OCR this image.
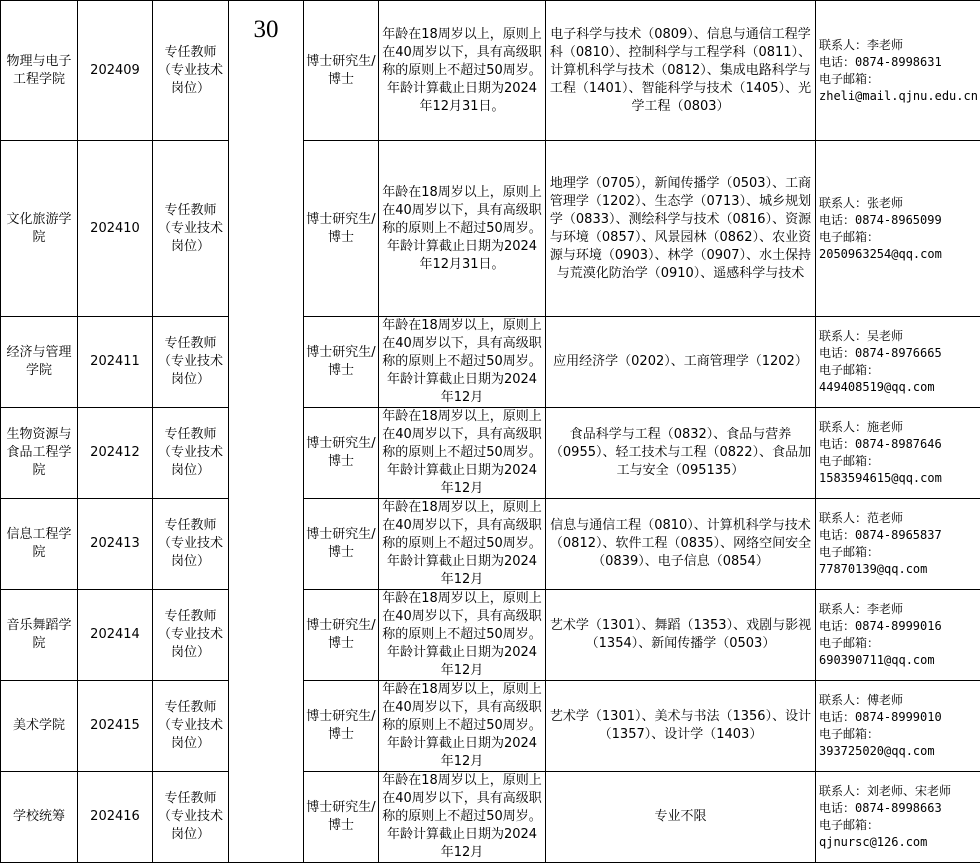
物理与电子工程学院	202409	专任教师（专业技术岗位）	30	博士研究生/博士	年龄在18周岁以上，原则上在40周岁以下，具有高级职称的原则上不超过50周岁。年龄计算截止日期为2024年12月31日。	电子科学与技术（0809）、信息与通信工程学科（0810）、控制科学与工程学科（0811）、计算机科学与技术（0812）、集成电路科学与工程（1401）、智能科学与技术（1405）、光学工程（0803）	联系人：李老师
电话：0874-8998631
电子邮箱：
zheli@mail.qjnu.edu.cn

文化旅游学院	202410	专任教师（专业技术岗位）		博士研究生/博士	年龄在18周岁以上，原则上在40周岁以下，具有高级职称的原则上不超过50周岁。年龄计算截止日期为2024年12月31日。	地理学（0705），新闻传播学（0503）、工商管理学（1202）、生态学（0713）、城乡规划学（0833）、测绘科学与技术（0816）、资源与环境（0857）、风景园林（0862）、农业资源与环境（0903）、林学（0907）、水土保持与荒漠化防治学（0910）、遥感科学与技术	联系人：张老师
电话：0874-8965099
电子邮箱：
2050963254@qq.com

经济与管理学院	202411	专任教师（专业技术岗位）		博士研究生/博士	年龄在18周岁以上，原则上在40周岁以下，具有高级职称的原则上不超过50周岁。年龄计算截止日期为2024年12月	应用经济学（0202）、工商管理学（1202）	联系人：吴老师
电话：0874-8976665
电子邮箱：
449408519@qq.com

生物资源与食品工程学院	202412	专任教师（专业技术岗位）		博士研究生/博士	年龄在18周岁以上，原则上在40周岁以下，具有高级职称的原则上不超过50周岁。年龄计算截止日期为2024年12月	食品科学与工程（0832）、食品与营养（0955）、轻工技术与工程（0822）、食品加工与安全（095135）	联系人：施老师
电话：0874-8987646
电子邮箱：
1583594615@qq.com

信息工程学院	202413	专任教师（专业技术岗位）		博士研究生/博士	年龄在18周岁以上，原则上在40周岁以下，具有高级职称的原则上不超过50周岁。年龄计算截止日期为2024年12月	信息与通信工程（0810）、计算机科学与技术（0812）、软件工程（0835）、网络空间安全（0839）、电子信息（0854）	联系人：范老师
电话：0874-8965837
电子邮箱：
77870139@qq.com

音乐舞蹈学院	202414	专任教师（专业技术岗位）		博士研究生/博士	年龄在18周岁以上，原则上在40周岁以下，具有高级职称的原则上不超过50周岁。年龄计算截止日期为2024年12月	艺术学（1301）、舞蹈（1353）、戏剧与影视（1354）、新闻传播学（0503）	联系人：李老师
电话：0874-8999016
电子邮箱：
690390711@qq.com

美术学院	202415	专任教师（专业技术岗位）		博士研究生/博士	年龄在18周岁以上，原则上在40周岁以下，具有高级职称的原则上不超过50周岁。年龄计算截止日期为2024年12月	艺术学（1301）、美术与书法（1356）、设计（1357）、设计学（1403）	联系人：傅老师
电话：0874-8999010
电子邮箱：
393725020@qq.com

学校统筹	202416	专任教师（专业技术岗位）		博士研究生/博士	年龄在18周岁以上，原则上在40周岁以下，具有高级职称的原则上不超过50周岁。年龄计算截止日期为2024年12月	专业不限	联系人：刘老师、宋老师
电话：0874-8998663
电子邮箱：
qjnursc@126.com
